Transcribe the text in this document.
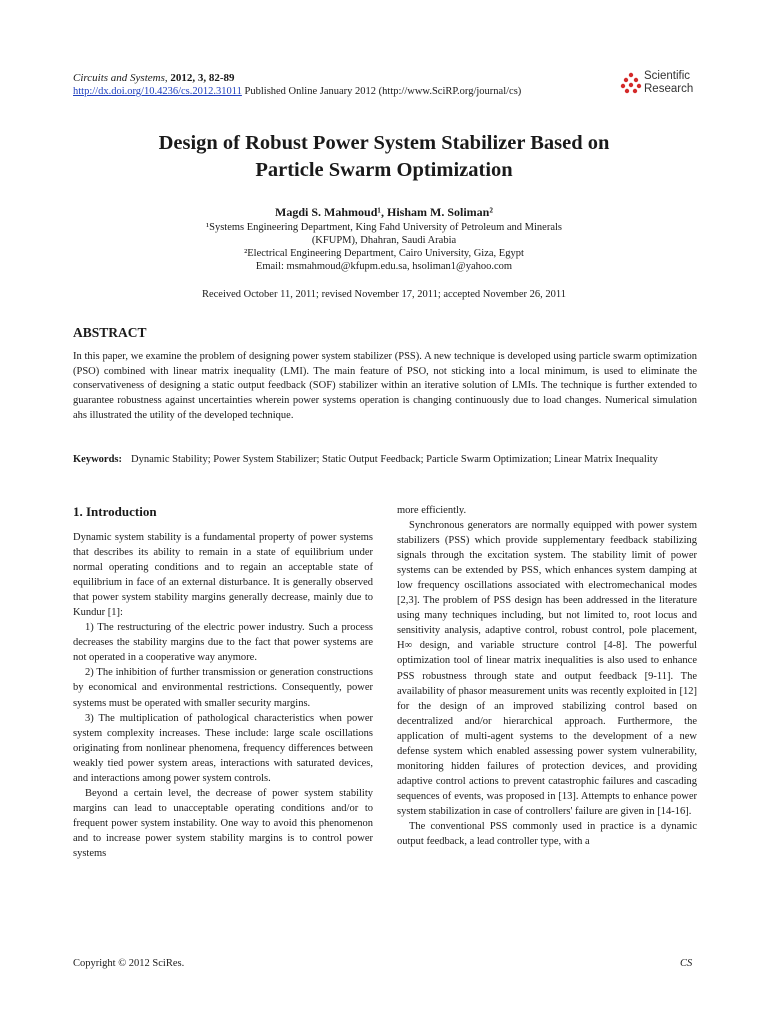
Circuits and Systems, 2012, 3, 82-89
http://dx.doi.org/10.4236/cs.2012.31011 Published Online January 2012 (http://www.SciRP.org/journal/cs)
Scientific
Research
Design of Robust Power System Stabilizer Based on
Particle Swarm Optimization
Magdi S. Mahmoud¹, Hisham M. Soliman²
¹Systems Engineering Department, King Fahd University of Petroleum and Minerals
(KFUPM), Dhahran, Saudi Arabia
²Electrical Engineering Department, Cairo University, Giza, Egypt
Email: msmahmoud@kfupm.edu.sa, hsoliman1@yahoo.com
Received October 11, 2011; revised November 17, 2011; accepted November 26, 2011
ABSTRACT
In this paper, we examine the problem of designing power system stabilizer (PSS). A new technique is developed using particle swarm optimization (PSO) combined with linear matrix inequality (LMI). The main feature of PSO, not sticking into a local minimum, is used to eliminate the conservativeness of designing a static output feedback (SOF) stabilizer within an iterative solution of LMIs. The technique is further extended to guarantee robustness against uncertainties wherein power systems operation is changing continuously due to load changes. Numerical simulation ahs illustrated the utility of the developed technique.
Keywords: Dynamic Stability; Power System Stabilizer; Static Output Feedback; Particle Swarm Optimization; Linear Matrix Inequality
1. Introduction

Dynamic system stability is a fundamental property of power systems that describes its ability to remain in a state of equilibrium under normal operating conditions and to regain an acceptable state of equilibrium in face of an external disturbance. It is generally observed that power system stability margins generally decrease, mainly due to Kundur [1]:

1) The restructuring of the electric power industry. Such a process decreases the stability margins due to the fact that power systems are not operated in a cooperative way anymore.

2) The inhibition of further transmission or generation constructions by economical and environmental restrictions. Consequently, power systems must be operated with smaller security margins.

3) The multiplication of pathological characteristics when power system complexity increases. These include: large scale oscillations originating from nonlinear phenomena, frequency differences between weakly tied power system areas, interactions with saturated devices, and interactions among power system controls.

Beyond a certain level, the decrease of power system stability margins can lead to unacceptable operating conditions and/or to frequent power system instability. One way to avoid this phenomenon and to increase power system stability margins is to control power systems

more efficiently.

Synchronous generators are normally equipped with power system stabilizers (PSS) which provide supplementary feedback stabilizing signals through the excitation system. The stability limit of power systems can be extended by PSS, which enhances system damping at low frequency oscillations associated with electromechanical modes [2,3]. The problem of PSS design has been addressed in the literature using many techniques including, but not limited to, root locus and sensitivity analysis, adaptive control, robust control, pole placement, H∞ design, and variable structure control [4-8]. The powerful optimization tool of linear matrix inequalities is also used to enhance PSS robustness through state and output feedback [9-11]. The availability of phasor measurement units was recently exploited in [12] for the design of an improved stabilizing control based on decentralized and/or hierarchical approach. Furthermore, the application of multi-agent systems to the development of a new defense system which enabled assessing power system vulnerability, monitoring hidden failures of protection devices, and providing adaptive control actions to prevent catastrophic failures and cascading sequences of events, was proposed in [13]. Attempts to enhance power system stabilization in case of controllers' failure are given in [14-16].

The conventional PSS commonly used in practice is a dynamic output feedback, a lead controller type, with a

Copyright © 2012 SciRes.	CS
